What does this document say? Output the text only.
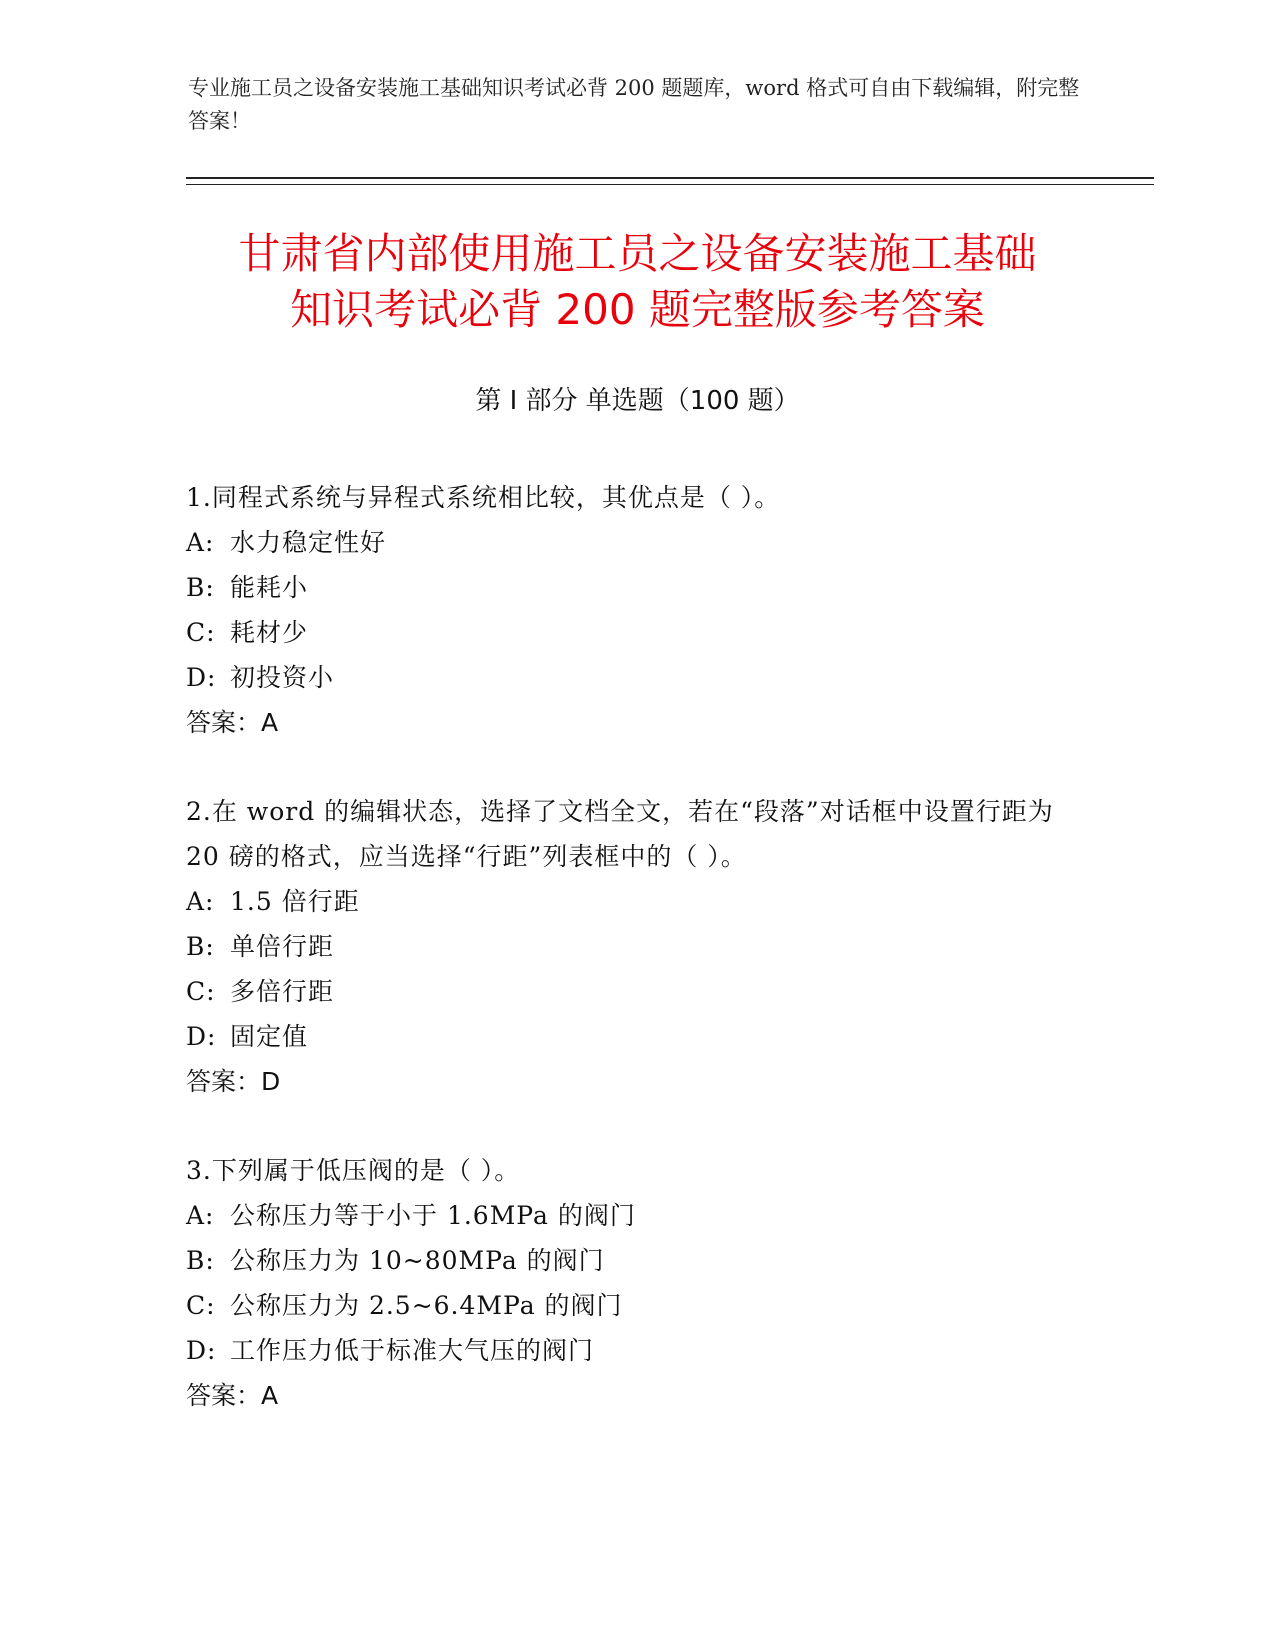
专业施工员之设备安装施工基础知识考试必背 200 题题库，word 格式可自由下载编辑，附完整答案！
甘肃省内部使用施工员之设备安装施工基础
知识考试必背 200 题完整版参考答案
第 I 部分 单选题（100 题）
1.同程式系统与异程式系统相比较，其优点是（ ）。
A: 水力稳定性好
B: 能耗小
C: 耗材少
D: 初投资小
答案：A
2.在 word 的编辑状态，选择了文档全文，若在“段落”对话框中设置行距为 20 磅的格式，应当选择“行距”列表框中的（ ）。
A: 1.5 倍行距
B: 单倍行距
C: 多倍行距
D: 固定值
答案：D
3.下列属于低压阀的是（ ）。
A: 公称压力等于小于 1.6MPa 的阀门
B: 公称压力为 10~80MPa 的阀门
C: 公称压力为 2.5~6.4MPa 的阀门
D: 工作压力低于标准大气压的阀门
答案：A
